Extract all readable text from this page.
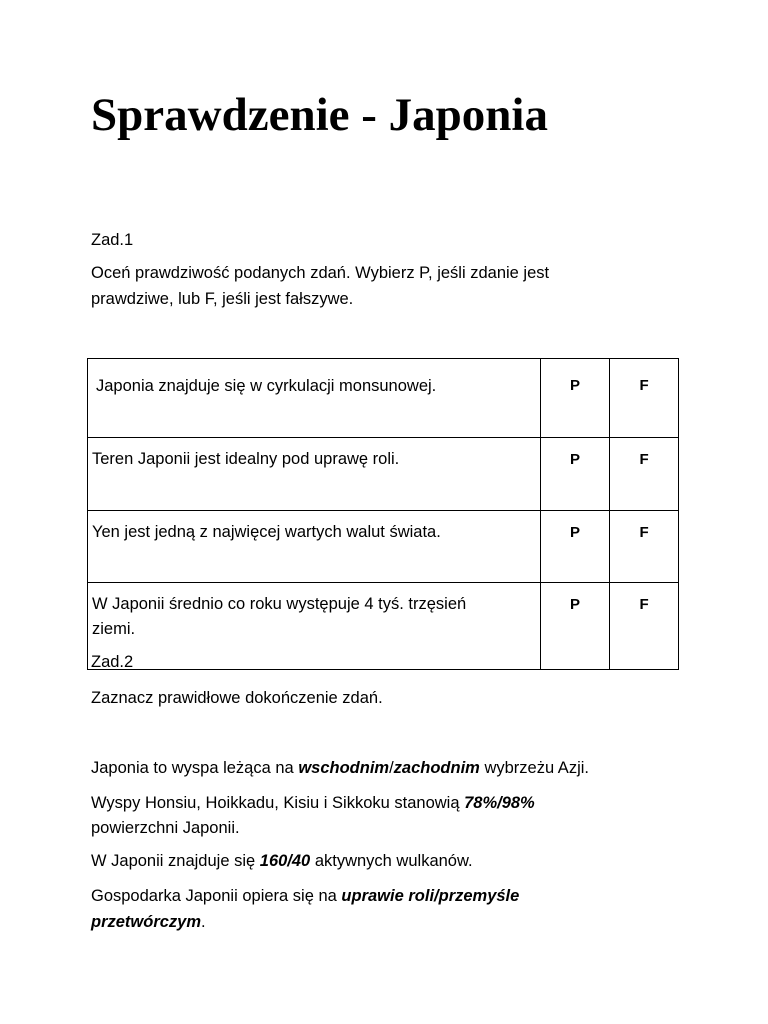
Sprawdzenie - Japonia

Zad.1

Oceń prawdziwość podanych zdań. Wybierz P, jeśli zdanie jest

prawdziwe, lub F, jeśli jest fałszywe.

Japonia znajduje się w cyrkulacji monsunowej.	P	F
Teren Japonii jest idealny pod uprawę roli.	P	F
Yen jest jedną z najwięcej wartych walut świata.	P	F
W Japonii średnio co roku występuje 4 tyś. trzęsień
ziemi.	P	F

Zad.2

Zaznacz prawidłowe dokończenie zdań.

Japonia to wyspa leżąca na wschodnim/zachodnim wybrzeżu Azji.

Wyspy Honsiu, Hoikkadu, Kisiu i Sikkoku stanowią 78%/98%

powierzchni Japonii.

W Japonii znajduje się 160/40 aktywnych wulkanów.

Gospodarka Japonii opiera się na uprawie roli/przemyśle

przetwórczym.
